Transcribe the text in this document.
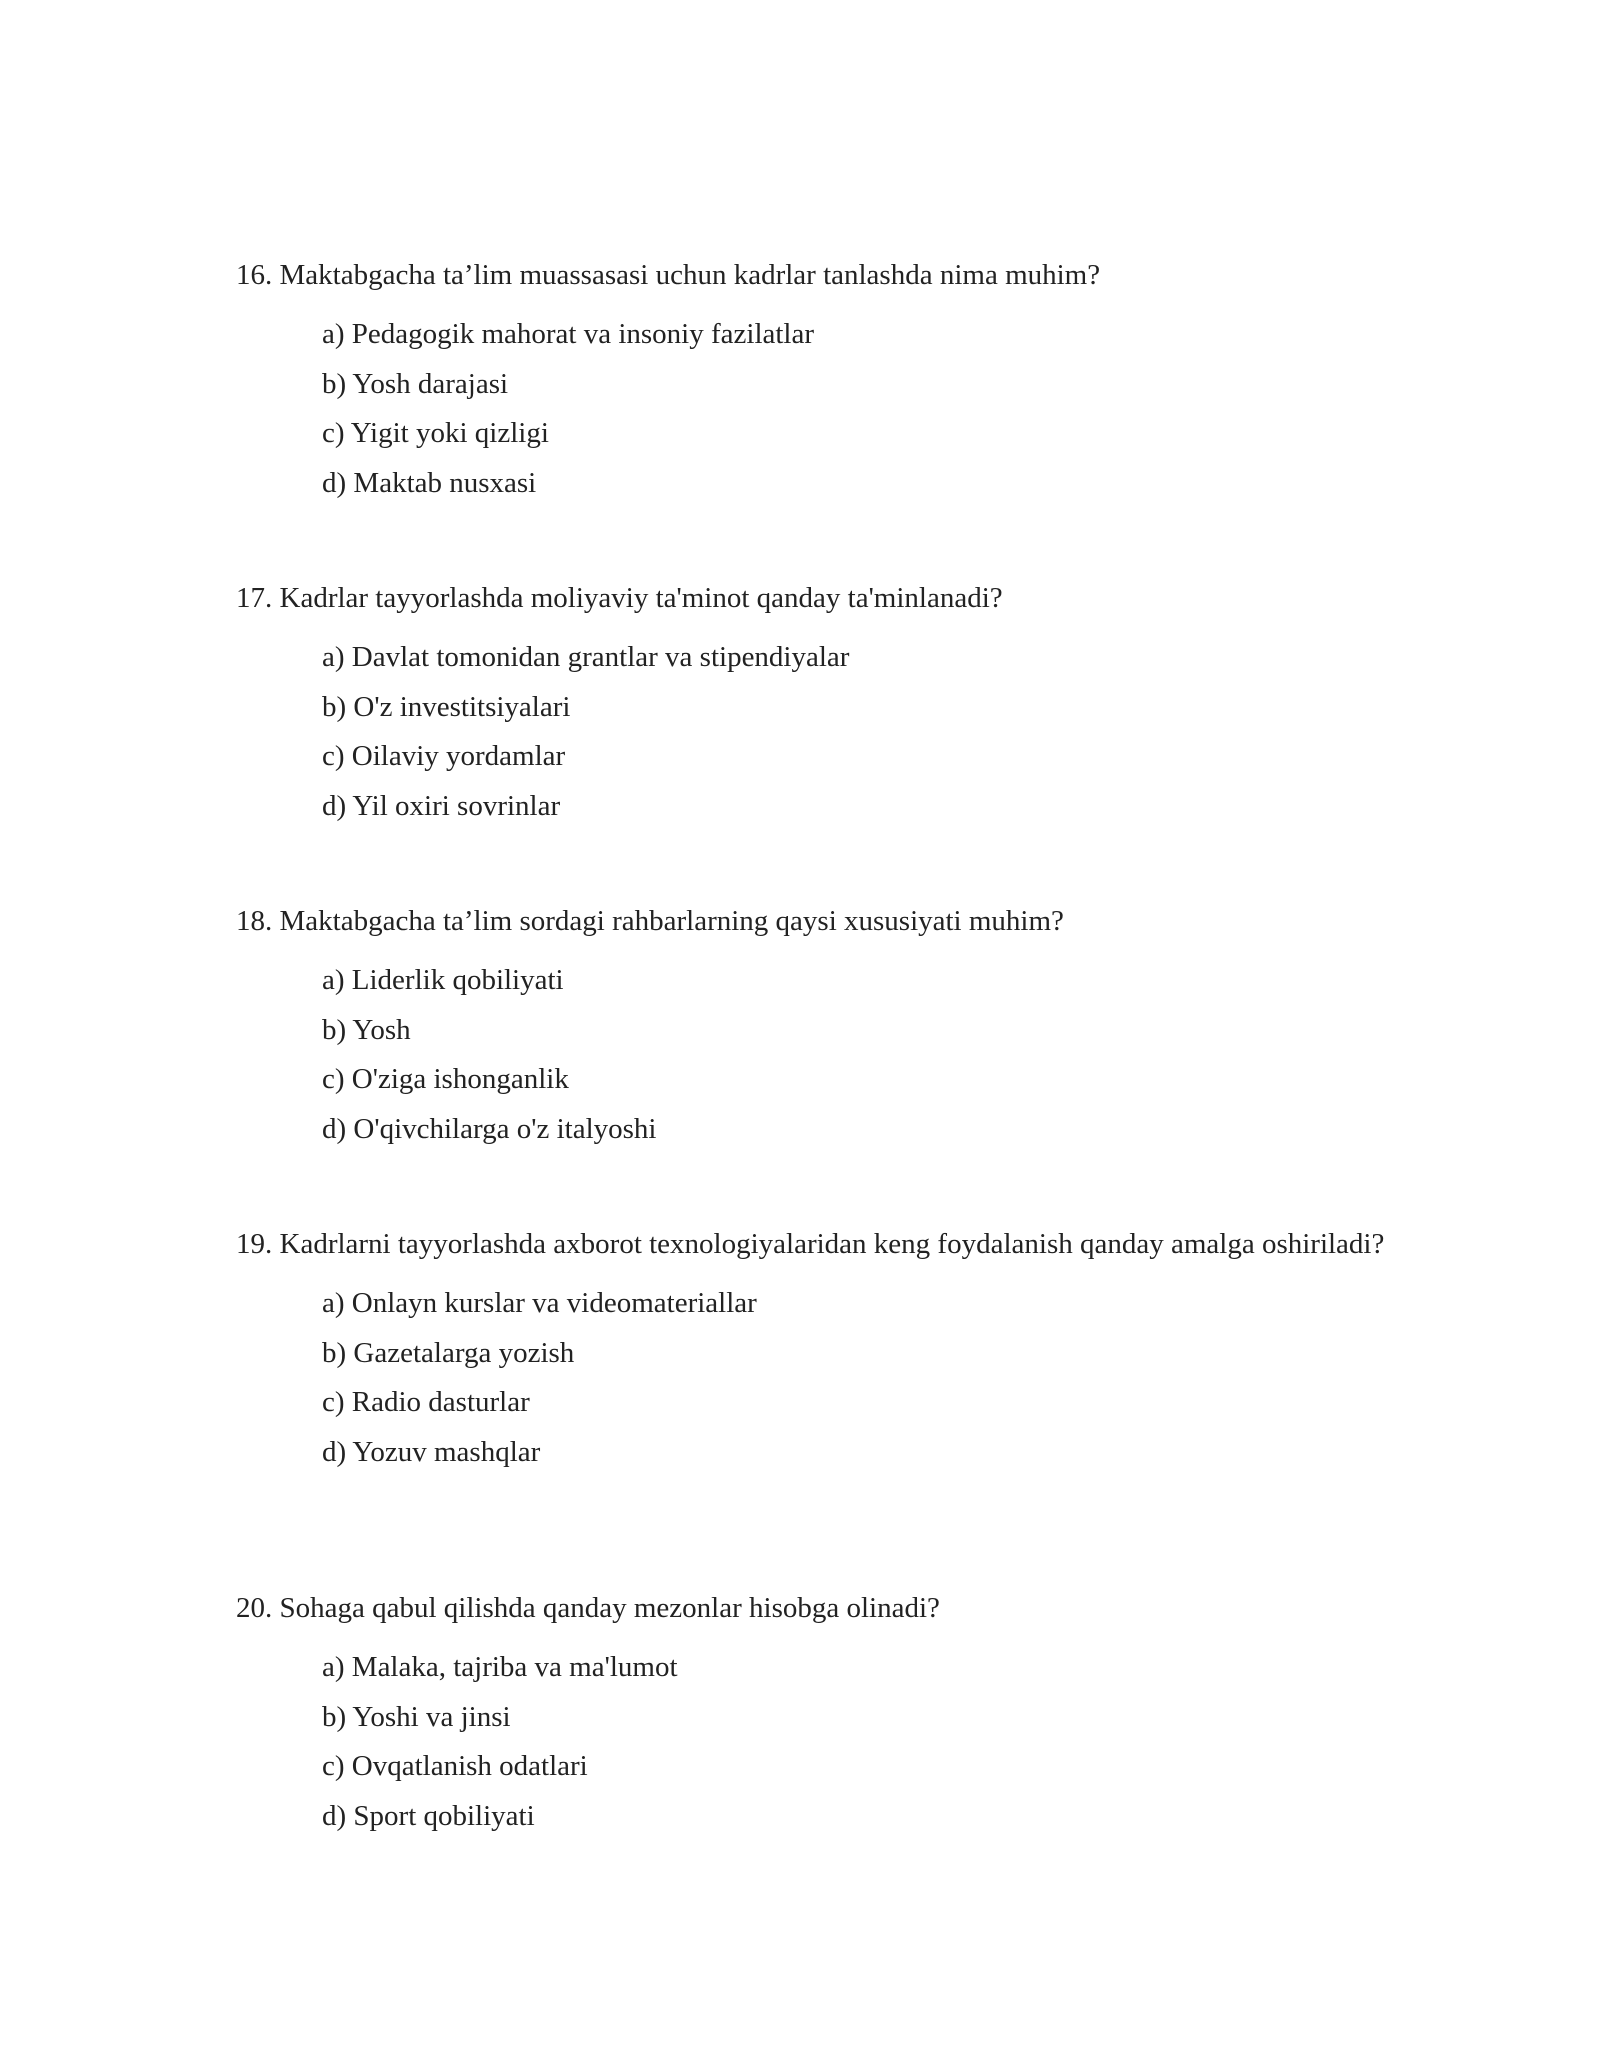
16. Maktabgacha ta’lim muassasasi uchun kadrlar tanlashda nima muhim?

a) Pedagogik mahorat va insoniy fazilatlar
b) Yosh darajasi
c) Yigit yoki qizligi
d) Maktab nusxasi

17. Kadrlar tayyorlashda moliyaviy ta'minot qanday ta'minlanadi?

a) Davlat tomonidan grantlar va stipendiyalar
b) O'z investitsiyalari
c) Oilaviy yordamlar
d) Yil oxiri sovrinlar

18. Maktabgacha ta’lim sordagi rahbarlarning qaysi xususiyati muhim?

a) Liderlik qobiliyati
b) Yosh
c) O'ziga ishonganlik
d) O'qivchilarga o'z italyoshi

19. Kadrlarni tayyorlashda axborot texnologiyalaridan keng foydalanish qanday amalga oshiriladi?

a) Onlayn kurslar va videomateriallar
b) Gazetalarga yozish
c) Radio dasturlar
d) Yozuv mashqlar

20. Sohaga qabul qilishda qanday mezonlar hisobga olinadi?

a) Malaka, tajriba va ma'lumot
b) Yoshi va jinsi
c) Ovqatlanish odatlari
d) Sport qobiliyati
